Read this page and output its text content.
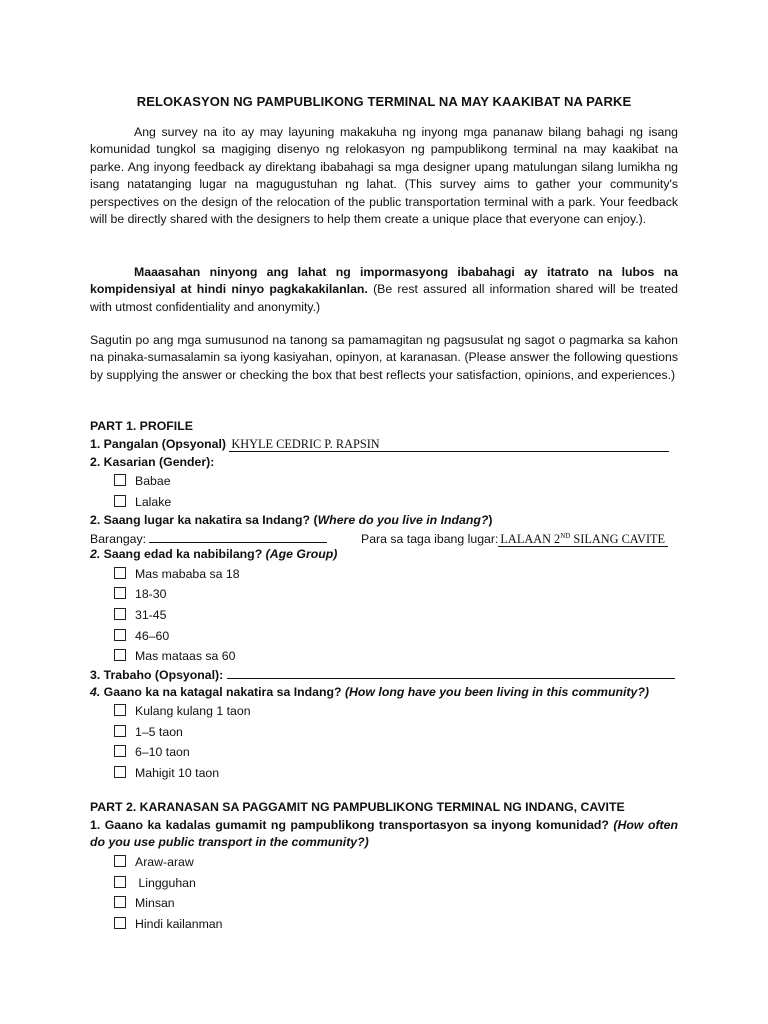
RELOKASYON NG PAMPUBLIKONG TERMINAL NA MAY KAAKIBAT NA PARKE

Ang survey na ito ay may layuning makakuha ng inyong mga pananaw bilang bahagi ng isang komunidad tungkol sa magiging disenyo ng relokasyon ng pampublikong terminal na may kaakibat na parke. Ang inyong feedback ay direktang ibabahagi sa mga designer upang matulungan silang lumikha ng isang natatanging lugar na magugustuhan ng lahat. (This survey aims to gather your community's perspectives on the design of the relocation of the public transportation terminal with a park. Your feedback will be directly shared with the designers to help them create a unique place that everyone can enjoy.).

Maaasahan ninyong ang lahat ng impormasyong ibabahagi ay itatrato na lubos na kompidensiyal at hindi ninyo pagkakakilanlan. (Be rest assured all information shared will be treated with utmost confidentiality and anonymity.)

Sagutin po ang mga sumusunod na tanong sa pamamagitan ng pagsusulat ng sagot o pagmarka sa kahon na pinaka-sumasalamin sa iyong kasiyahan, opinyon, at karanasan. (Please answer the following questions by supplying the answer or checking the box that best reflects your satisfaction, opinions, and experiences.)

PART 1. PROFILE
1. Pangalan (Opsyonal) KHYLE CEDRIC P. RAPSIN
2. Kasarian (Gender):
Babae
Lalake
2. Saang lugar ka nakatira sa Indang? (Where do you live in Indang?)
Barangay:	Para sa taga ibang lugar: LALAAN 2ND SILANG CAVITE
2. Saang edad ka nabibilang? (Age Group)
Mas mababa sa 18
18-30
31-45
46–60
Mas mataas sa 60
3. Trabaho (Opsyonal):
4. Gaano ka na katagal nakatira sa Indang? (How long have you been living in this community?)
Kulang kulang 1 taon
1–5 taon
6–10 taon
Mahigit 10 taon
PART 2. KARANASAN SA PAGGAMIT NG PAMPUBLIKONG TERMINAL NG INDANG, CAVITE

1. Gaano ka kadalas gumamit ng pampublikong transportasyon sa inyong komunidad? (How often do you use public transport in the community?)

Araw-araw
Lingguhan
Minsan
Hindi kailanman
